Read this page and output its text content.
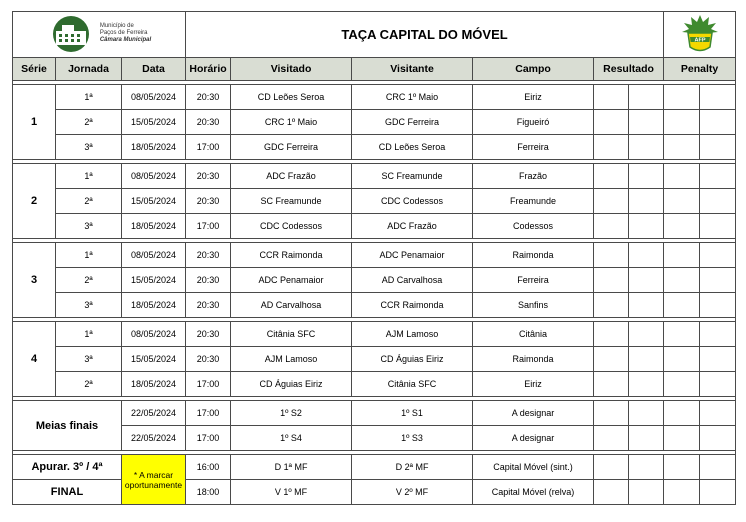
Município de
Paços de Ferreira
Câmara Municipal			TAÇA CAPITAL DO MÓVEL						AFP	

Série	Jornada	Data	Horário	Visitado	Visitante	Campo	Resultado		Penalty	

1	1ª	08/05/2024	20:30	CD Leões Seroa	CRC 1º Maio	Eiriz				
	2ª	15/05/2024	20:30	CRC 1º Maio	GDC Ferreira	Figueiró				
	3ª	18/05/2024	17:00	GDC Ferreira	CD Leões Seroa	Ferreira				

2	1ª	08/05/2024	20:30	ADC Frazão	SC Freamunde	Frazão				
	2ª	15/05/2024	20:30	SC Freamunde	CDC Codessos	Freamunde				
	3ª	18/05/2024	17:00	CDC Codessos	ADC Frazão	Codessos				

3	1ª	08/05/2024	20:30	CCR Raimonda	ADC Penamaior	Raimonda				
	2ª	15/05/2024	20:30	ADC Penamaior	AD Carvalhosa	Ferreira				
	3ª	18/05/2024	20:30	AD Carvalhosa	CCR Raimonda	Sanfins				

4	1ª	08/05/2024	20:30	Citânia SFC	AJM Lamoso	Citânia				
	3ª	15/05/2024	20:30	AJM Lamoso	CD Águias Eiriz	Raimonda				
	2ª	18/05/2024	17:00	CD Águias Eiriz	Citânia SFC	Eiriz				

Meias finais		22/05/2024	17:00	1º S2	1º S1	A designar				
		22/05/2024	17:00	1º S4	1º S3	A designar				

Apurar. 3º / 4ª		* A marcar oportunamente	16:00	D 1ª MF	D 2ª MF	Capital Móvel (sint.)				
FINAL			18:00	V 1º MF	V 2º MF	Capital Móvel (relva)				
